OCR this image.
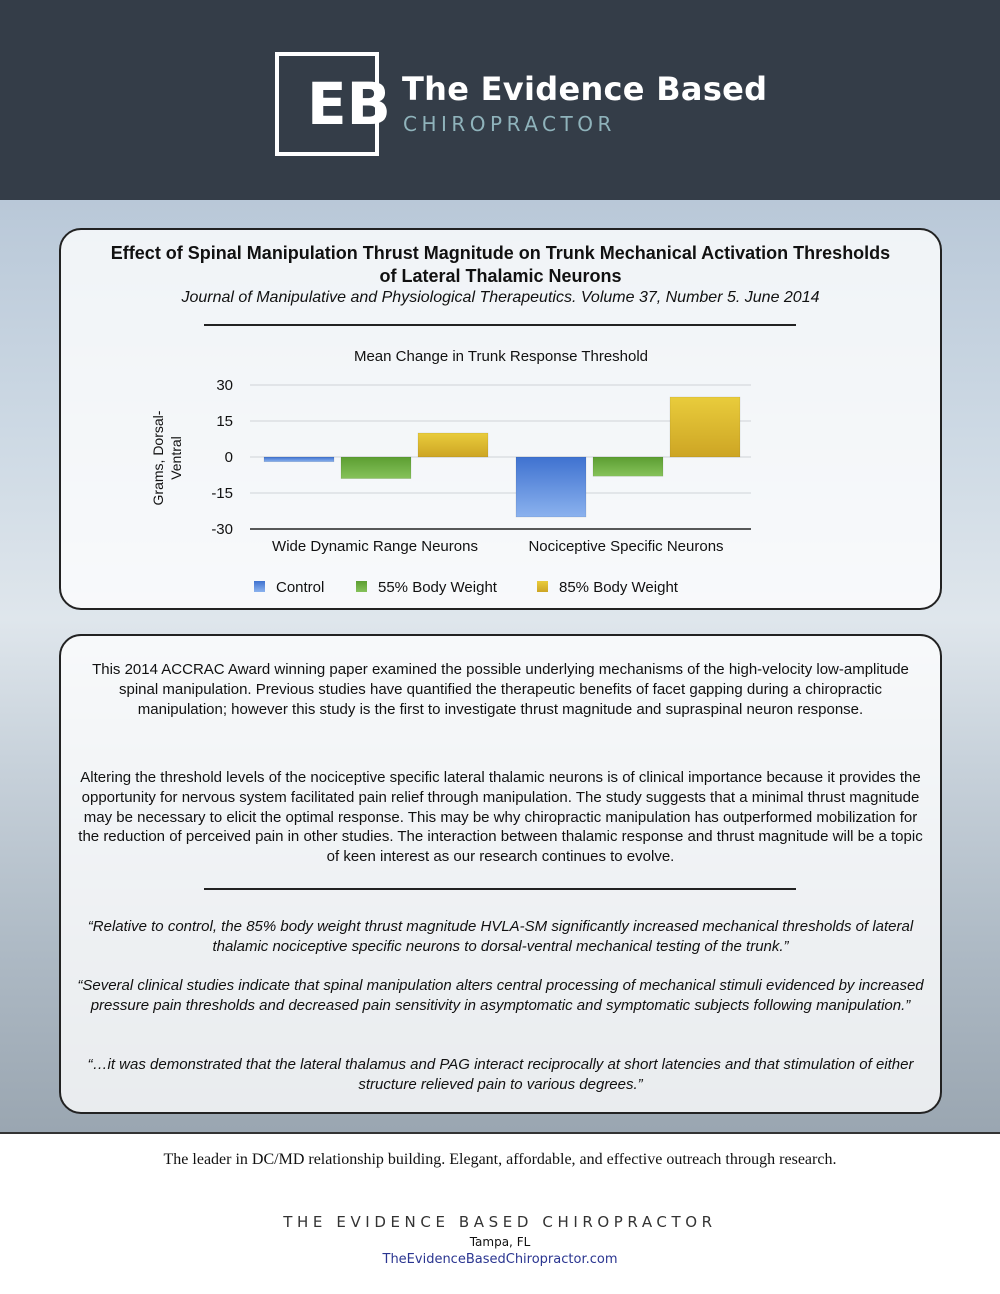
EB The Evidence Based
CHIROPRACTOR
Effect of Spinal Manipulation Thrust Magnitude on Trunk Mechanical Activation Thresholds
of Lateral Thalamic Neurons
Journal of Manipulative and Physiological Therapeutics. Volume 37, Number 5. June 2014
Mean Change in Trunk Response Threshold
30
15
0
-15
-30
Grams, Dorsal- Ventral
Wide Dynamic Range Neurons	Nociceptive Specific Neurons
Control	55% Body Weight	85% Body Weight
This 2014 ACCRAC Award winning paper examined the possible underlying mechanisms of the high-velocity low-amplitude spinal manipulation. Previous studies have quantified the therapeutic benefits of facet gapping during a chiropractic manipulation; however this study is the first to investigate thrust magnitude and supraspinal neuron response.
Altering the threshold levels of the nociceptive specific lateral thalamic neurons is of clinical importance because it provides the opportunity for nervous system facilitated pain relief through manipulation. The study suggests that a minimal thrust magnitude may be necessary to elicit the optimal response. This may be why chiropractic manipulation has outperformed mobilization for the reduction of perceived pain in other studies. The interaction between thalamic response and thrust magnitude will be a topic of keen interest as our research continues to evolve.
“Relative to control, the 85% body weight thrust magnitude HVLA-SM significantly increased mechanical thresholds of lateral thalamic nociceptive specific neurons to dorsal-ventral mechanical testing of the trunk.”
“Several clinical studies indicate that spinal manipulation alters central processing of mechanical stimuli evidenced by increased pressure pain thresholds and decreased pain sensitivity in asymptomatic and symptomatic subjects following manipulation.”
“…it was demonstrated that the lateral thalamus and PAG interact reciprocally at short latencies and that stimulation of either structure relieved pain to various degrees.”
The leader in DC/MD relationship building. Elegant, affordable, and effective outreach through research.
THE EVIDENCE BASED CHIROPRACTOR
Tampa, FL
TheEvidenceBasedChiropractor.com
